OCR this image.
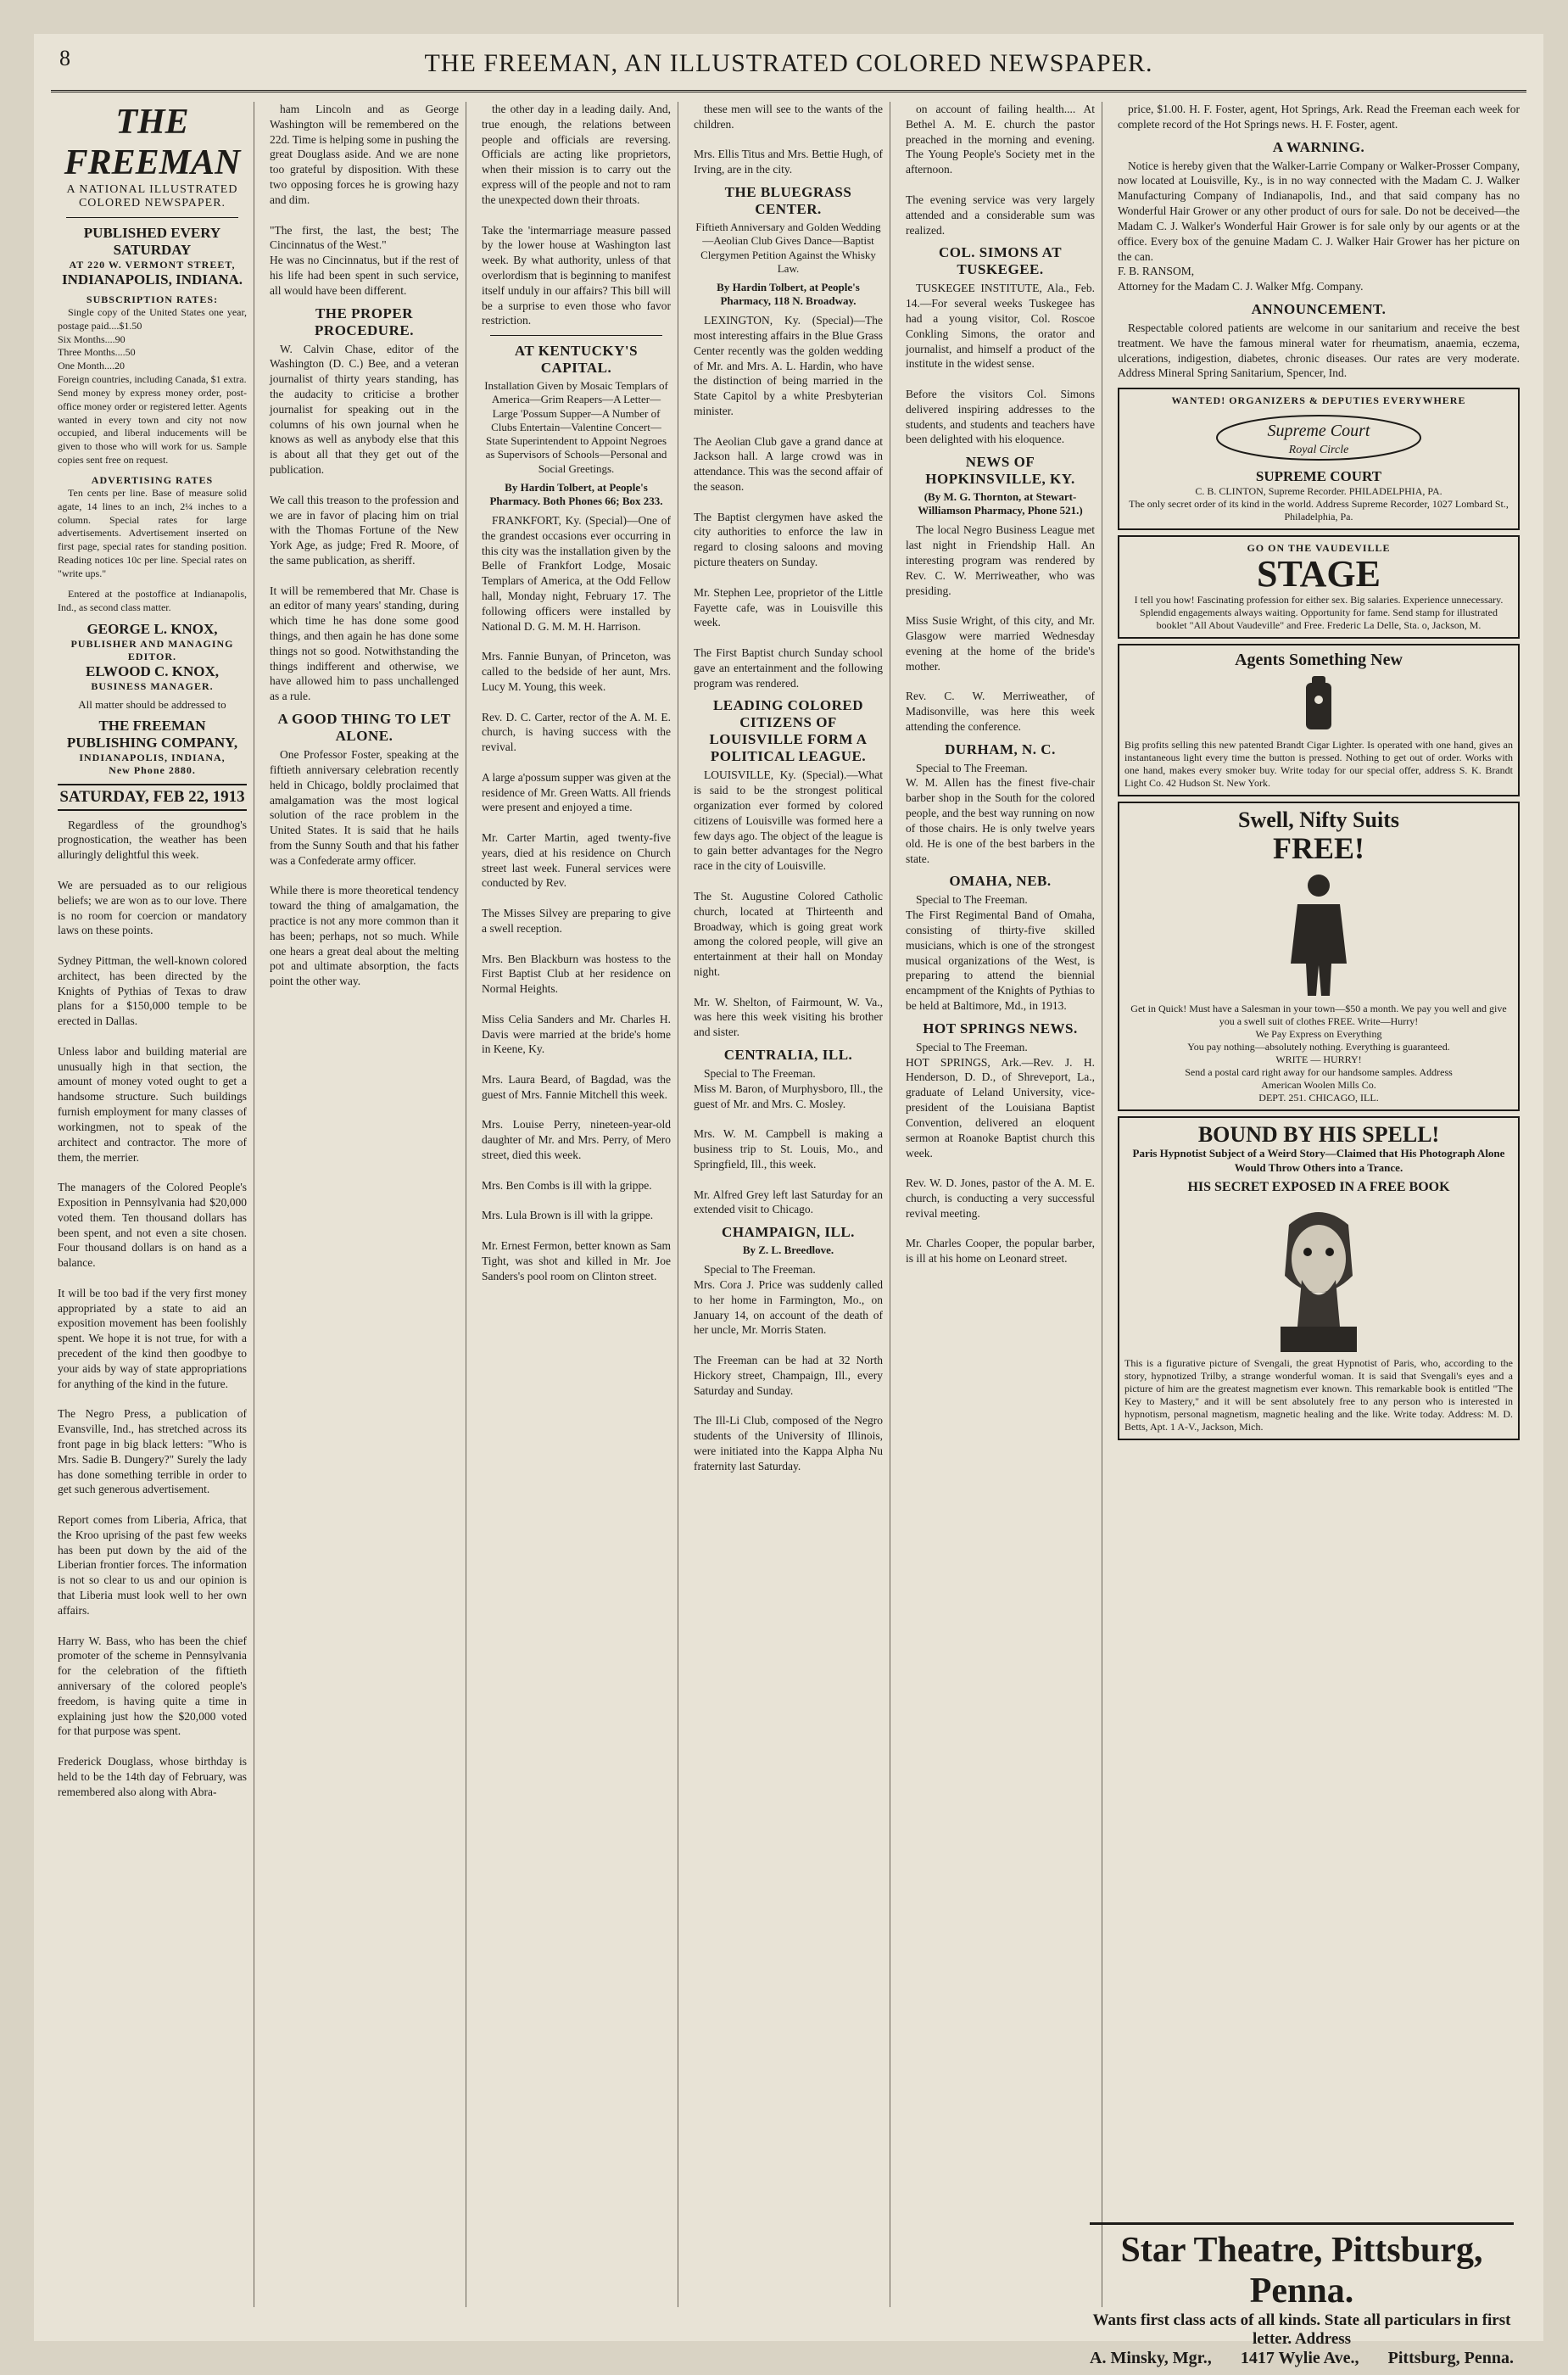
8	THE FREEMAN, AN ILLUSTRATED COLORED NEWSPAPER.
THE FREEMAN
A NATIONAL ILLUSTRATED COLORED NEWSPAPER.
PUBLISHED EVERY SATURDAY
AT 220 W. VERMONT STREET,
INDIANAPOLIS, INDIANA.
SUBSCRIPTION RATES:
Single copy of the United States one year, postage paid....$1.50
Six Months....90
Three Months....50
One Month....20
Foreign countries, including Canada, $1 extra.
Send money by express money order, post-office money order or registered letter. Agents wanted in every town and city not now occupied, and liberal inducements will be given to those who will work for us. Sample copies sent free on request.
ADVERTISING RATES
Ten cents per line. Base of measure solid agate, 14 lines to an inch, 2¼ inches to a column. Special rates for large advertisements. Advertisement inserted on first page, special rates for standing position. Reading notices 10c per line. Special rates on "write ups."
Entered at the postoffice at Indianapolis, Ind., as second class matter.
GEORGE L. KNOX,
PUBLISHER AND MANAGING EDITOR.
ELWOOD C. KNOX,
BUSINESS MANAGER.
All matter should be addressed to
THE FREEMAN PUBLISHING COMPANY,
INDIANAPOLIS, INDIANA,
New Phone 2880.
SATURDAY, FEB 22, 1913
Regardless of the groundhog's prognostication, the weather has been alluringly delightful this week.

We are persuaded as to our religious beliefs; we are won as to our love. There is no room for coercion or mandatory laws on these points.

Sydney Pittman, the well-known colored architect, has been directed by the Knights of Pythias of Texas to draw plans for a $150,000 temple to be erected in Dallas.

Unless labor and building material are unusually high in that section, the amount of money voted ought to get a handsome structure. Such buildings furnish employment for many classes of workingmen, not to speak of the architect and contractor. The more of them, the merrier.

The managers of the Colored People's Exposition in Pennsylvania had $20,000 voted them. Ten thousand dollars has been spent, and not even a site chosen. Four thousand dollars is on hand as a balance.

It will be too bad if the very first money appropriated by a state to aid an exposition movement has been foolishly spent. We hope it is not true, for with a precedent of the kind then goodbye to your aids by way of state appropriations for anything of the kind in the future.

The Negro Press, a publication of Evansville, Ind., has stretched across its front page in big black letters: "Who is Mrs. Sadie B. Dungery?" Surely the lady has done something terrible in order to get such generous advertisement.

Report comes from Liberia, Africa, that the Kroo uprising of the past few weeks has been put down by the aid of the Liberian frontier forces. The information is not so clear to us and our opinion is that Liberia must look well to her own affairs.

Harry W. Bass, who has been the chief promoter of the scheme in Pennsylvania for the celebration of the fiftieth anniversary of the colored people's freedom, is having quite a time in explaining just how the $20,000 voted for that purpose was spent.

Frederick Douglass, whose birthday is held to be the 14th day of February, was remembered also along with Abra-
ham Lincoln and as George Washington will be remembered on the 22d. Time is helping some in pushing the great Douglass aside. And we are none too grateful by disposition. With these two opposing forces he is growing hazy and dim.

"The first, the last, the best; The Cincinnatus of the West."
He was no Cincinnatus, but if the rest of his life had been spent in such service, all would have been different.
THE PROPER PROCEDURE.
W. Calvin Chase, editor of the Washington (D. C.) Bee, and a veteran journalist of thirty years standing, has the audacity to criticise a brother journalist for speaking out in the columns of his own journal when he knows as well as anybody else that this is about all that they get out of the publication.

We call this treason to the profession and we are in favor of placing him on trial with the Thomas Fortune of the New York Age, as judge; Fred R. Moore, of the same publication, as sheriff.

It will be remembered that Mr. Chase is an editor of many years' standing, during which time he has done some good things, and then again he has done some things not so good. Notwithstanding the things indifferent and otherwise, we have allowed him to pass unchallenged as a rule.
A GOOD THING TO LET ALONE.
One Professor Foster, speaking at the fiftieth anniversary celebration recently held in Chicago, boldly proclaimed that amalgamation was the most logical solution of the race problem in the United States. It is said that he hails from the Sunny South and that his father was a Confederate army officer.

While there is more theoretical tendency toward the thing of amalgamation, the practice is not any more common than it has been; perhaps, not so much. While one hears a great deal about the melting pot and ultimate absorption, the facts point the other way.
the other day in a leading daily. And, true enough, the relations between people and officials are reversing. Officials are acting like proprietors, when their mission is to carry out the express will of the people and not to ram the unexpected down their throats.

Take the 'intermarriage measure passed by the lower house at Washington last week. By what authority, unless of that overlordism that is beginning to manifest itself unduly in our affairs? This bill will be a surprise to even those who favor restriction.
AT KENTUCKY'S CAPITAL.
Installation Given by Mosaic Templars of America—Grim Reapers—A Letter—Large 'Possum Supper—A Number of Clubs Entertain—Valentine Concert—State Superintendent to Appoint Negroes as Supervisors of Schools—Personal and Social Greetings.
By Hardin Tolbert, at People's Pharmacy. Both Phones 66; Box 233.
FRANKFORT, Ky. (Special)—One of the grandest occasions ever occurring in this city was the installation given by the Belle of Frankfort Lodge, Mosaic Templars of America, at the Odd Fellow hall, Monday night, February 17. The following officers were installed by National D. G. M. M. H. Harrison.

Mrs. Fannie Bunyan, of Princeton, was called to the bedside of her aunt, Mrs. Lucy M. Young, this week.

Rev. D. C. Carter, rector of the A. M. E. church, is having success with the revival.

A large a'possum supper was given at the residence of Mr. Green Watts. All friends were present and enjoyed a time.

Mr. Carter Martin, aged twenty-five years, died at his residence on Church street last week. Funeral services were conducted by Rev.

The Misses Silvey are preparing to give a swell reception.

Mrs. Ben Blackburn was hostess to the First Baptist Club at her residence on Normal Heights.

Miss Celia Sanders and Mr. Charles H. Davis were married at the bride's home in Keene, Ky.

Mrs. Laura Beard, of Bagdad, was the guest of Mrs. Fannie Mitchell this week.

Mrs. Louise Perry, nineteen-year-old daughter of Mr. and Mrs. Perry, of Mero street, died this week.

Mrs. Ben Combs is ill with la grippe.

Mrs. Lula Brown is ill with la grippe.

Mr. Ernest Fermon, better known as Sam Tight, was shot and killed in Mr. Joe Sanders's pool room on Clinton street.
these men will see to the wants of the children.

Mrs. Ellis Titus and Mrs. Bettie Hugh, of Irving, are in the city.
THE BLUEGRASS CENTER.
Fiftieth Anniversary and Golden Wedding—Aeolian Club Gives Dance—Baptist Clergymen Petition Against the Whisky Law.
By Hardin Tolbert, at People's Pharmacy, 118 N. Broadway.
LEXINGTON, Ky. (Special)—The most interesting affairs in the Blue Grass Center recently was the golden wedding of Mr. and Mrs. A. L. Hardin, who have the distinction of being married in the State Capitol by a white Presbyterian minister.

The Aeolian Club gave a grand dance at Jackson hall. A large crowd was in attendance. This was the second affair of the season.

The Baptist clergymen have asked the city authorities to enforce the law in regard to closing saloons and moving picture theaters on Sunday.

Mr. Stephen Lee, proprietor of the Little Fayette cafe, was in Louisville this week.

The First Baptist church Sunday school gave an entertainment and the following program was rendered.
LEADING COLORED CITIZENS OF LOUISVILLE FORM A POLITICAL LEAGUE.
LOUISVILLE, Ky. (Special).—What is said to be the strongest political organization ever formed by colored citizens of Louisville was formed here a few days ago. The object of the league is to gain better advantages for the Negro race in the city of Louisville.

The St. Augustine Colored Catholic church, located at Thirteenth and Broadway, which is going great work among the colored people, will give an entertainment at their hall on Monday night.

Mr. W. Shelton, of Fairmount, W. Va., was here this week visiting his brother and sister.
CENTRALIA, ILL.
Special to The Freeman.
Miss M. Baron, of Murphysboro, Ill., the guest of Mr. and Mrs. C. Mosley.

Mrs. W. M. Campbell is making a business trip to St. Louis, Mo., and Springfield, Ill., this week.

Mr. Alfred Grey left last Saturday for an extended visit to Chicago.
CHAMPAIGN, ILL.
By Z. L. Breedlove.
Special to The Freeman.
Mrs. Cora J. Price was suddenly called to her home in Farmington, Mo., on January 14, on account of the death of her uncle, Mr. Morris Staten.

The Freeman can be had at 32 North Hickory street, Champaign, Ill., every Saturday and Sunday.

The Ill-Li Club, composed of the Negro students of the University of Illinois, were initiated into the Kappa Alpha Nu fraternity last Saturday.
on account of failing health.... At Bethel A. M. E. church the pastor preached in the morning and evening. The Young People's Society met in the afternoon.

The evening service was very largely attended and a considerable sum was realized.
COL. SIMONS AT TUSKEGEE.
TUSKEGEE INSTITUTE, Ala., Feb. 14.—For several weeks Tuskegee has had a young visitor, Col. Roscoe Conkling Simons, the orator and journalist, and himself a product of the institute in the widest sense.

Before the visitors Col. Simons delivered inspiring addresses to the students, and students and teachers have been delighted with his eloquence.
NEWS OF HOPKINSVILLE, KY.
(By M. G. Thornton, at Stewart-Williamson Pharmacy, Phone 521.)
The local Negro Business League met last night in Friendship Hall. An interesting program was rendered by Rev. C. W. Merriweather, who was presiding.

Miss Susie Wright, of this city, and Mr. Glasgow were married Wednesday evening at the home of the bride's mother.

Rev. C. W. Merriweather, of Madisonville, was here this week attending the conference.
DURHAM, N. C.
Special to The Freeman.
W. M. Allen has the finest five-chair barber shop in the South for the colored people, and the best way running on now of those chairs. He is only twelve years old. He is one of the best barbers in the state.
OMAHA, NEB.
Special to The Freeman.
The First Regimental Band of Omaha, consisting of thirty-five skilled musicians, which is one of the strongest musical organizations of the West, is preparing to attend the biennial encampment of the Knights of Pythias to be held at Baltimore, Md., in 1913.
HOT SPRINGS NEWS.
Special to The Freeman.
HOT SPRINGS, Ark.—Rev. J. H. Henderson, D. D., of Shreveport, La., graduate of Leland University, vice-president of the Louisiana Baptist Convention, delivered an eloquent sermon at Roanoke Baptist church this week.

Rev. W. D. Jones, pastor of the A. M. E. church, is conducting a very successful revival meeting.

Mr. Charles Cooper, the popular barber, is ill at his home on Leonard street.
price, $1.00. H. F. Foster, agent, Hot Springs, Ark. Read the Freeman each week for complete record of the Hot Springs news. H. F. Foster, agent.
A WARNING.
Notice is hereby given that the Walker-Larrie Company or Walker-Prosser Company, now located at Louisville, Ky., is in no way connected with the Madam C. J. Walker Manufacturing Company of Indianapolis, Ind., and that said company has no Wonderful Hair Grower or any other product of ours for sale. Do not be deceived—the Madam C. J. Walker's Wonderful Hair Grower is for sale only by our agents or at the office. Every box of the genuine Madam C. J. Walker Hair Grower has her picture on the can.
F. B. RANSOM,
Attorney for the Madam C. J. Walker Mfg. Company.
ANNOUNCEMENT.
Respectable colored patients are welcome in our sanitarium and receive the best treatment. We have the famous mineral water for rheumatism, anaemia, eczema, ulcerations, indigestion, diabetes, chronic diseases. Our rates are very moderate. Address Mineral Spring Sanitarium, Spencer, Ind.
WANTED! ORGANIZERS & DEPUTIES EVERYWHERE
Supreme Court
Royal Circle
SUPREME COURT
C. B. CLINTON, Supreme Recorder. PHILADELPHIA, PA.
The only secret order of its kind in the world. Address Supreme Recorder, 1027 Lombard St., Philadelphia, Pa.
GO ON THE VAUDEVILLE
STAGE
I tell you how! Fascinating profession for either sex. Big salaries. Experience unnecessary. Splendid engagements always waiting. Opportunity for fame. Send stamp for illustrated booklet "All About Vaudeville" and Free. Frederic La Delle, Sta. o, Jackson, M.
Agents Something New
Big profits selling this new patented Brandt Cigar Lighter. Is operated with one hand, gives an instantaneous light every time the button is pressed. Nothing to get out of order. Works with one hand, makes every smoker buy. Write today for our special offer, address S. K. Brandt Light Co. 42 Hudson St. New York.
Swell, Nifty Suits
FREE!
Get in Quick! Must have a Salesman in your town—$50 a month. We pay you well and give you a swell suit of clothes FREE. Write—Hurry!
We Pay Express on Everything
You pay nothing—absolutely nothing. Everything is guaranteed.
WRITE — HURRY!
Send a postal card right away for our handsome samples. Address
American Woolen Mills Co.
DEPT. 251. CHICAGO, ILL.
BOUND BY HIS SPELL!
Paris Hypnotist Subject of a Weird Story—Claimed that His Photograph Alone Would Throw Others into a Trance.
HIS SECRET EXPOSED IN A FREE BOOK
This is a figurative picture of Svengali, the great Hypnotist of Paris, who, according to the story, hypnotized Trilby, a strange wonderful woman. It is said that Svengali's eyes and a picture of him are the greatest magnetism ever known. This remarkable book is entitled "The Key to Mastery," and it will be sent absolutely free to any person who is interested in hypnotism, personal magnetism, magnetic healing and the like. Write today. Address: M. D. Betts, Apt. 1 A-V., Jackson, Mich.
Star Theatre, Pittsburg, Penna.
Wants first class acts of all kinds. State all particulars in first letter. Address
A. Minsky, Mgr., 1417 Wylie Ave., Pittsburg, Penna.
